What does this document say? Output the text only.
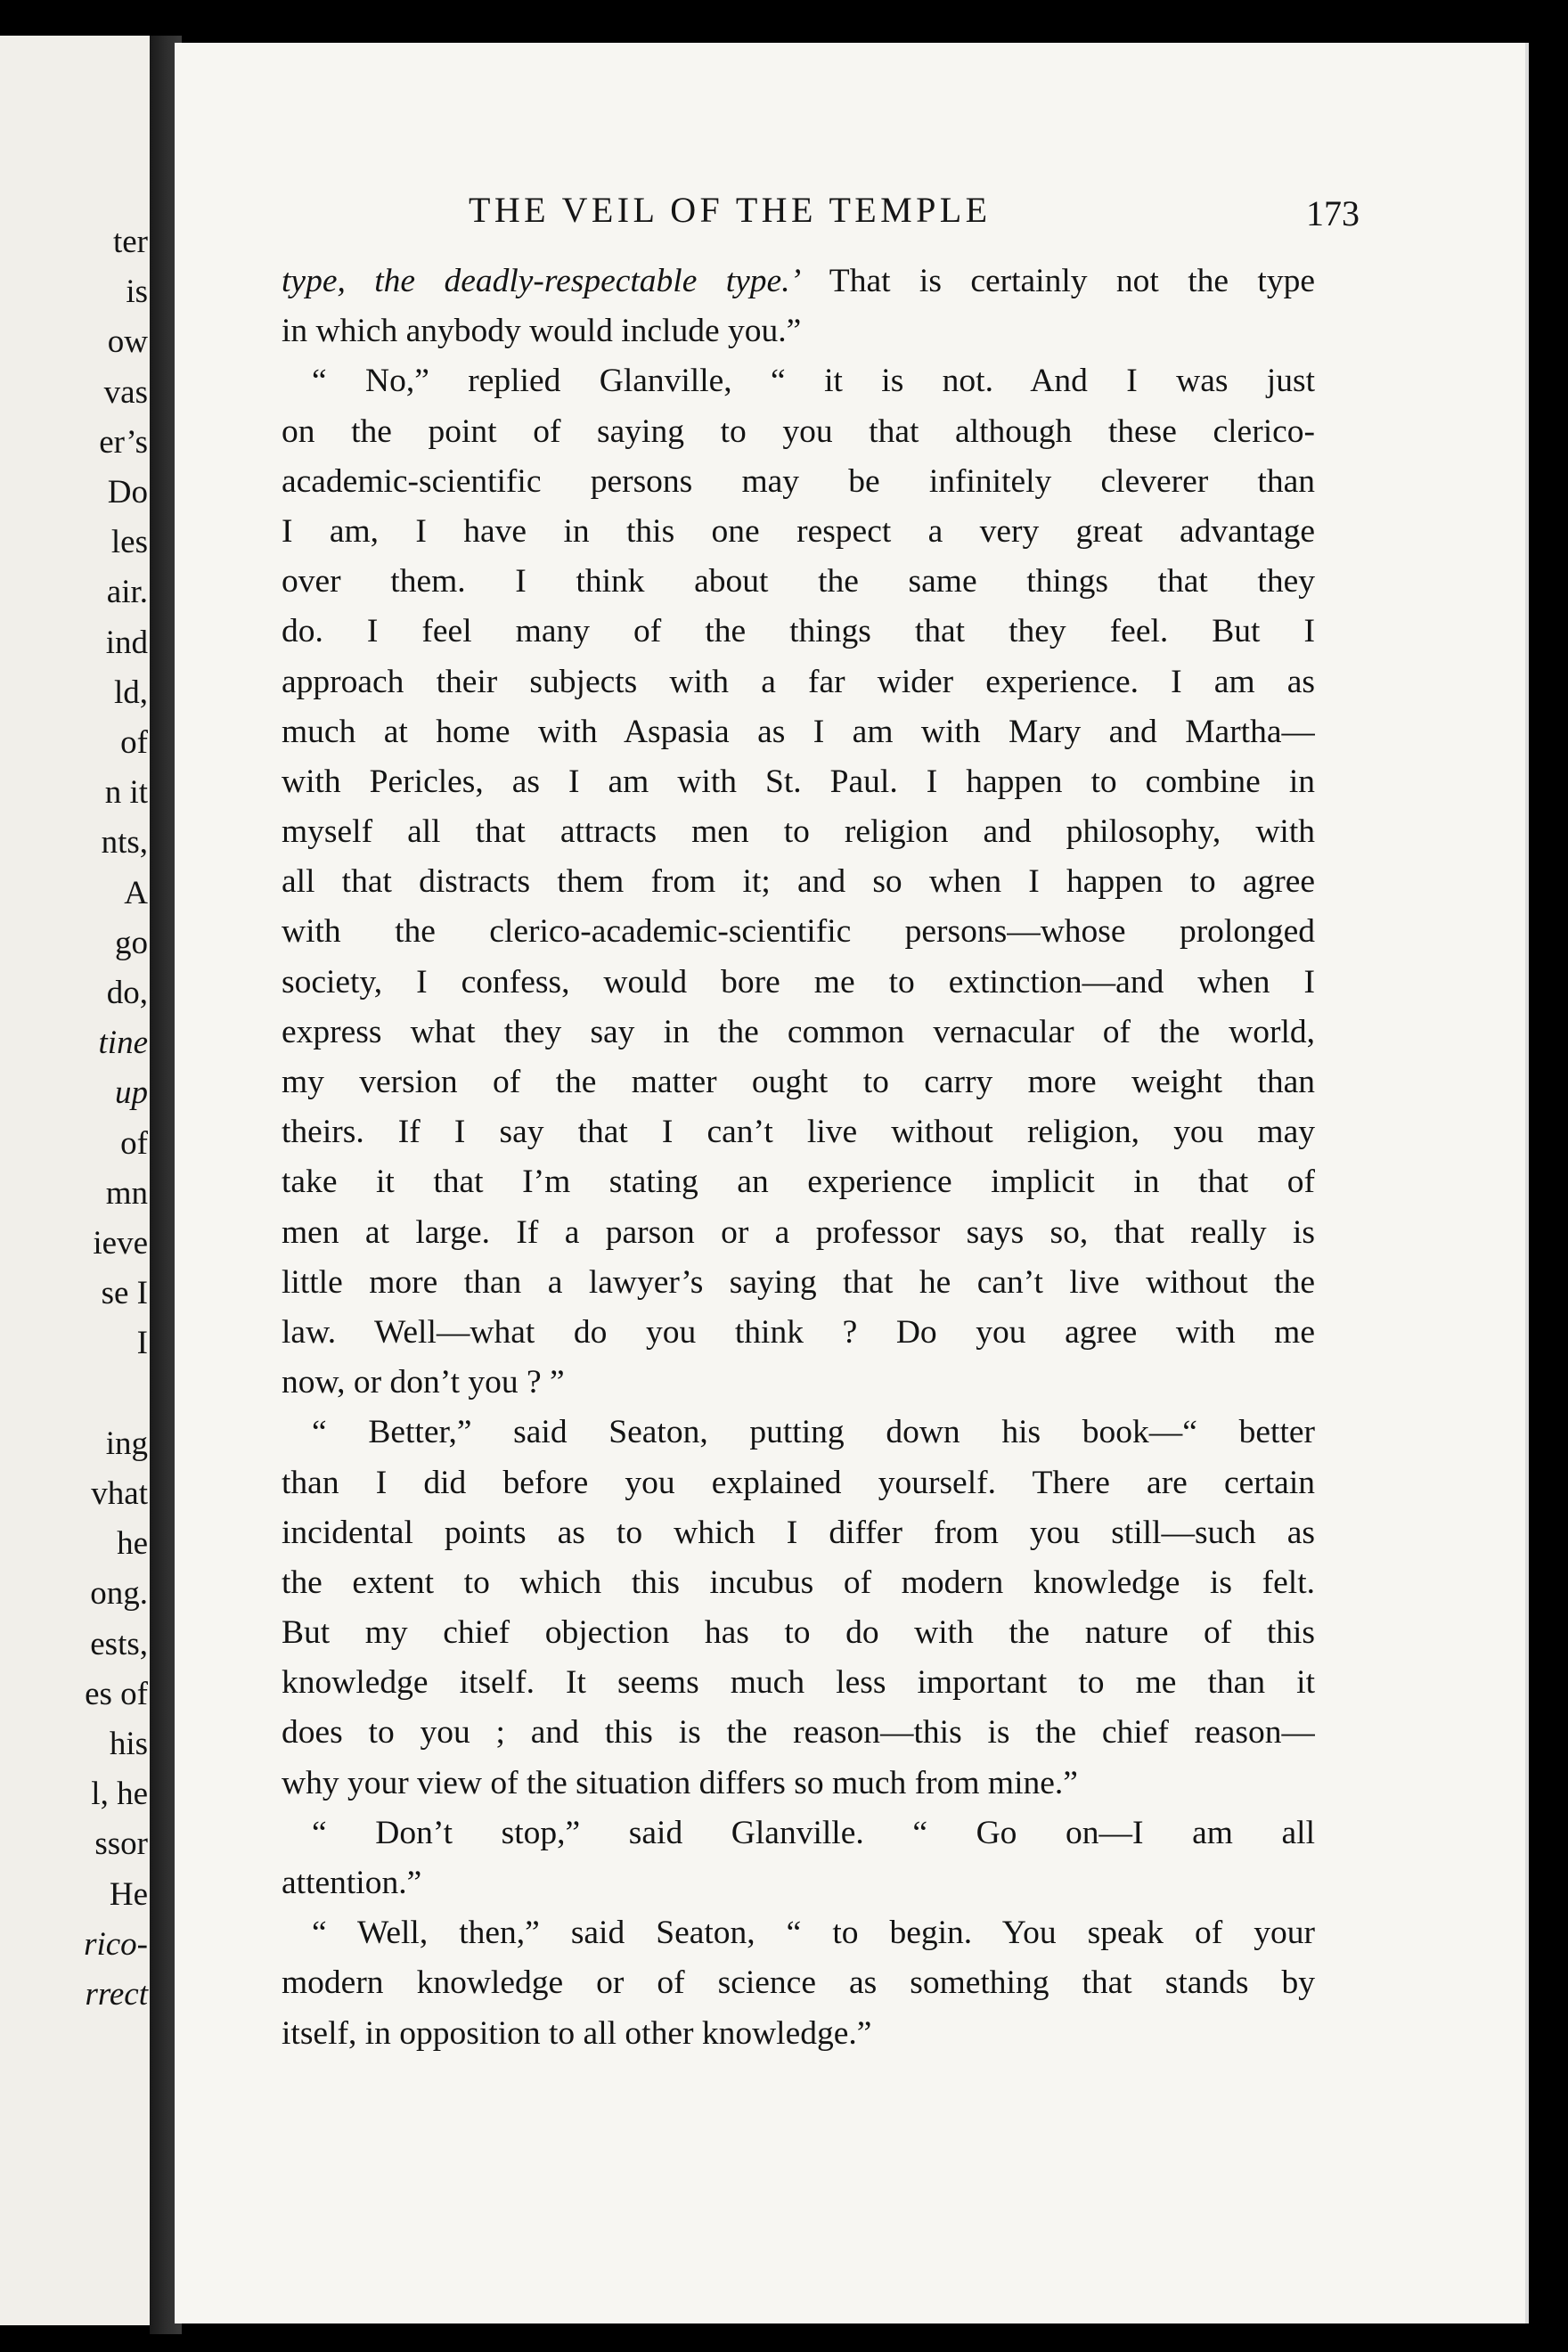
ter
is
ow
vas
er’s
Do
les
air.
ind
ld,
of
n it
nts,
A
go
do,
tine
up
of
mn
ieve
se I
I
ing
vhat
he
ong.
ests,
es of
his
l, he
ssor
He
rico-
rrect
THE VEIL OF THE TEMPLE	173
type, the deadly-respectable type.’ That is certainly not the type
in which anybody would include you.”
“ No,” replied Glanville, “ it is not. And I was just
on the point of saying to you that although these clerico-
academic-scientific persons may be infinitely cleverer than
I am, I have in this one respect a very great advantage
over them. I think about the same things that they
do. I feel many of the things that they feel. But I
approach their subjects with a far wider experience. I am as
much at home with Aspasia as I am with Mary and Martha—
with Pericles, as I am with St. Paul. I happen to combine in
myself all that attracts men to religion and philosophy, with
all that distracts them from it; and so when I happen to agree
with the clerico-academic-scientific persons—whose prolonged
society, I confess, would bore me to extinction—and when I
express what they say in the common vernacular of the world,
my version of the matter ought to carry more weight than
theirs. If I say that I can’t live without religion, you may
take it that I’m stating an experience implicit in that of
men at large. If a parson or a professor says so, that really is
little more than a lawyer’s saying that he can’t live without the
law. Well—what do you think ? Do you agree with me
now, or don’t you ? ”
“ Better,” said Seaton, putting down his book—“ better
than I did before you explained yourself. There are certain
incidental points as to which I differ from you still—such as
the extent to which this incubus of modern knowledge is felt.
But my chief objection has to do with the nature of this
knowledge itself. It seems much less important to me than it
does to you ; and this is the reason—this is the chief reason—
why your view of the situation differs so much from mine.”
“ Don’t stop,” said Glanville. “ Go on—I am all
attention.”
“ Well, then,” said Seaton, “ to begin. You speak of your
modern knowledge or of science as something that stands by
itself, in opposition to all other knowledge.”
